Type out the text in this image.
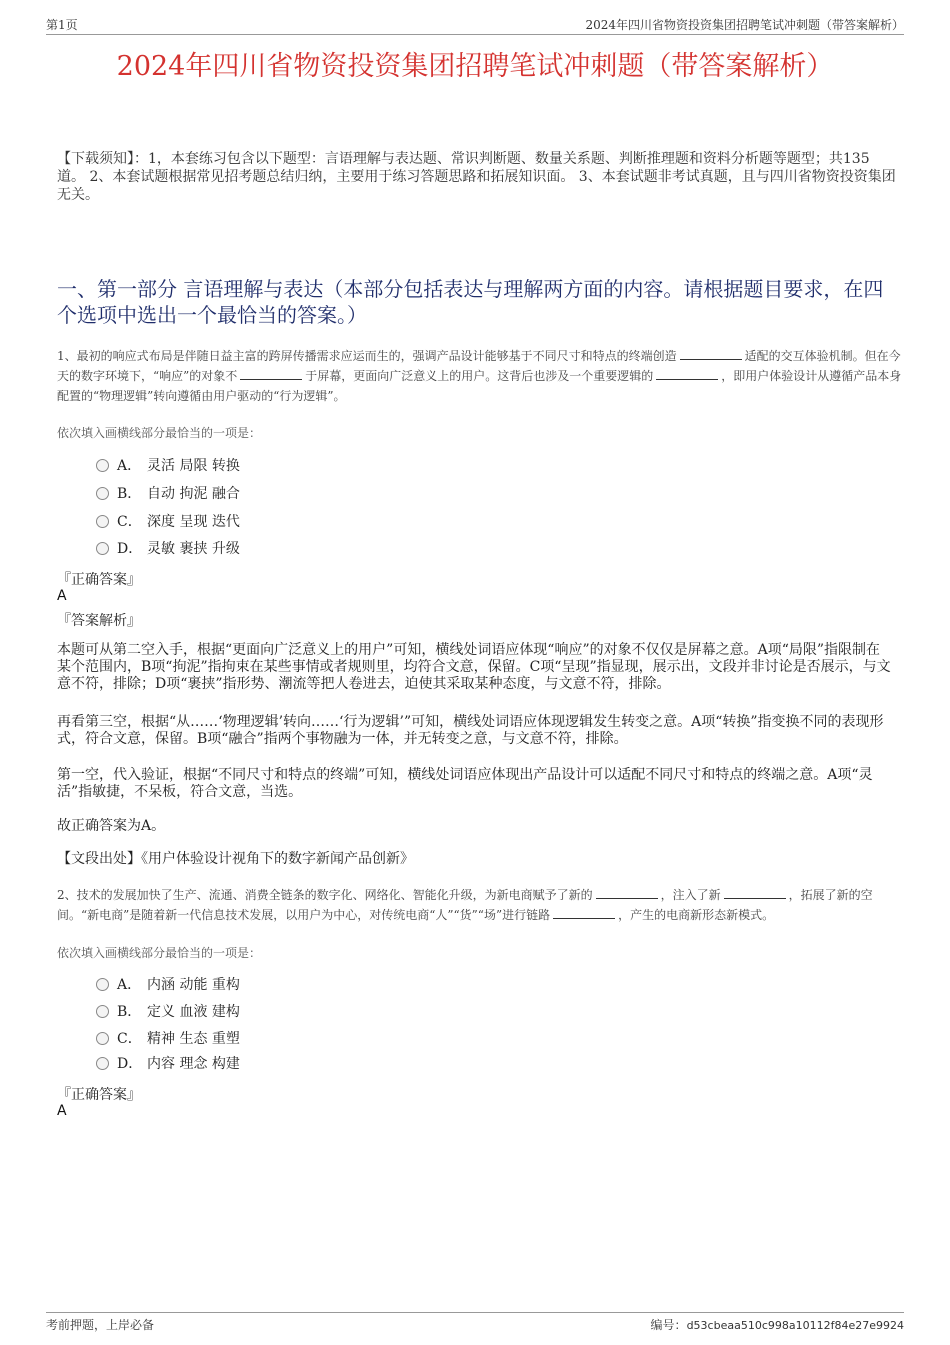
第1页	2024年四川省物资投资集团招聘笔试冲刺题（带答案解析）
2024年四川省物资投资集团招聘笔试冲刺题（带答案解析）
【下载须知】：1，本套练习包含以下题型：言语理解与表达题、常识判断题、数量关系题、判断推理题和资料分析题等题型；共135道。 2、本套试题根据常见招考题总结归纳，主要用于练习答题思路和拓展知识面。 3、本套试题非考试真题，且与四川省物资投资集团无关。
一、第一部分 言语理解与表达（本部分包括表达与理解两方面的内容。请根据题目要求，在四个选项中选出一个最恰当的答案。）
1、最初的响应式布局是伴随日益主富的跨屏传播需求应运而生的，强调产品设计能够基于不同尺寸和特点的终端创造	适配的交互体验机制。但在今天的数字环境下，“响应”的对象不	于屏幕，更面向广泛意义上的用户。这背后也涉及一个重要逻辑的	，即用户体验设计从遵循产品本身配置的“物理逻辑”转向遵循由用户驱动的“行为逻辑”。
依次填入画横线部分最恰当的一项是：
A． 灵活 局限 转换
B． 自动 拘泥 融合
C． 深度 呈现 迭代
D． 灵敏 裹挟 升级
『正确答案』
A
『答案解析』
本题可从第二空入手，根据“更面向广泛意义上的用户”可知，横线处词语应体现“响应”的对象不仅仅是屏幕之意。A项“局限”指限制在某个范围内，B项“拘泥”指拘束在某些事情或者规则里，均符合文意，保留。C项“呈现”指显现，展示出，文段并非讨论是否展示，与文意不符，排除；D项“裹挟”指形势、潮流等把人卷进去，迫使其采取某种态度，与文意不符，排除。
再看第三空，根据“从……‘物理逻辑’转向……‘行为逻辑’”可知，横线处词语应体现逻辑发生转变之意。A项“转换”指变换不同的表现形式，符合文意，保留。B项“融合”指两个事物融为一体，并无转变之意，与文意不符，排除。
第一空，代入验证，根据“不同尺寸和特点的终端”可知，横线处词语应体现出产品设计可以适配不同尺寸和特点的终端之意。A项“灵活”指敏捷，不呆板，符合文意，当选。
故正确答案为A。
【文段出处】《用户体验设计视角下的数字新闻产品创新》
2、技术的发展加快了生产、流通、消费全链条的数字化、网络化、智能化升级，为新电商赋予了新的	，注入了新	，拓展了新的空间。“新电商”是随着新一代信息技术发展，以用户为中心，对传统电商“人”“货”“场”进行链路	，产生的电商新形态新模式。
依次填入画横线部分最恰当的一项是：
A． 内涵 动能 重构
B． 定义 血液 建构
C． 精神 生态 重塑
D． 内容 理念 构建
『正确答案』
A
考前押题，上岸必备	编号：d53cbeaa510c998a10112f84e27e9924
